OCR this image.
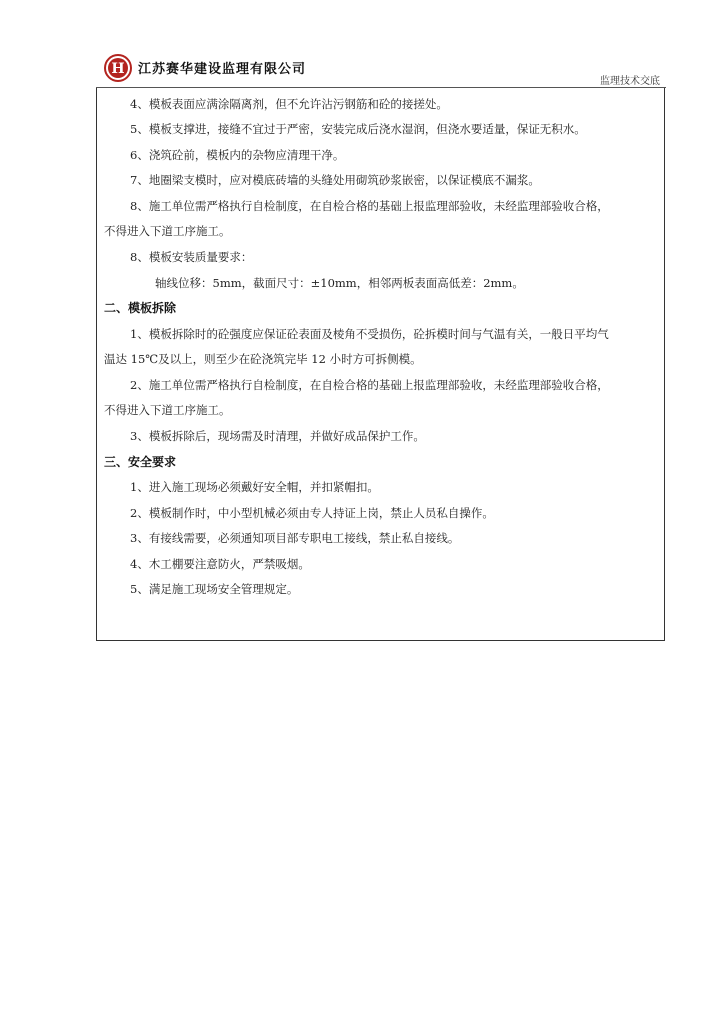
H 江苏赛华建设监理有限公司
监理技术交底
4、模板表面应满涂隔离剂，但不允许沾污钢筋和砼的接搓处。
5、模板支撑进，接缝不宜过于严密，安装完成后浇水湿润，但浇水要适量，保证无积水。
6、浇筑砼前，模板内的杂物应清理干净。
7、地圈梁支模时，应对模底砖墙的头缝处用砌筑砂浆嵌密，以保证模底不漏浆。
8、施工单位需严格执行自检制度，在自检合格的基础上报监理部验收，未经监理部验收合格，
不得进入下道工序施工。
8、模板安装质量要求：
轴线位移：5mm，截面尺寸：±10mm，相邻两板表面高低差：2mm。
二、模板拆除
1、模板拆除时的砼强度应保证砼表面及棱角不受损伤，砼拆模时间与气温有关，一般日平均气
温达 15℃及以上，则至少在砼浇筑完毕 12 小时方可拆侧模。
2、施工单位需严格执行自检制度，在自检合格的基础上报监理部验收，未经监理部验收合格，
不得进入下道工序施工。
3、模板拆除后，现场需及时清理，并做好成品保护工作。
三、安全要求
1、进入施工现场必须戴好安全帽，并扣紧帽扣。
2、模板制作时，中小型机械必须由专人持证上岗，禁止人员私自操作。
3、有接线需要，必须通知项目部专职电工接线，禁止私自接线。
4、木工棚要注意防火，严禁吸烟。
5、满足施工现场安全管理规定。
